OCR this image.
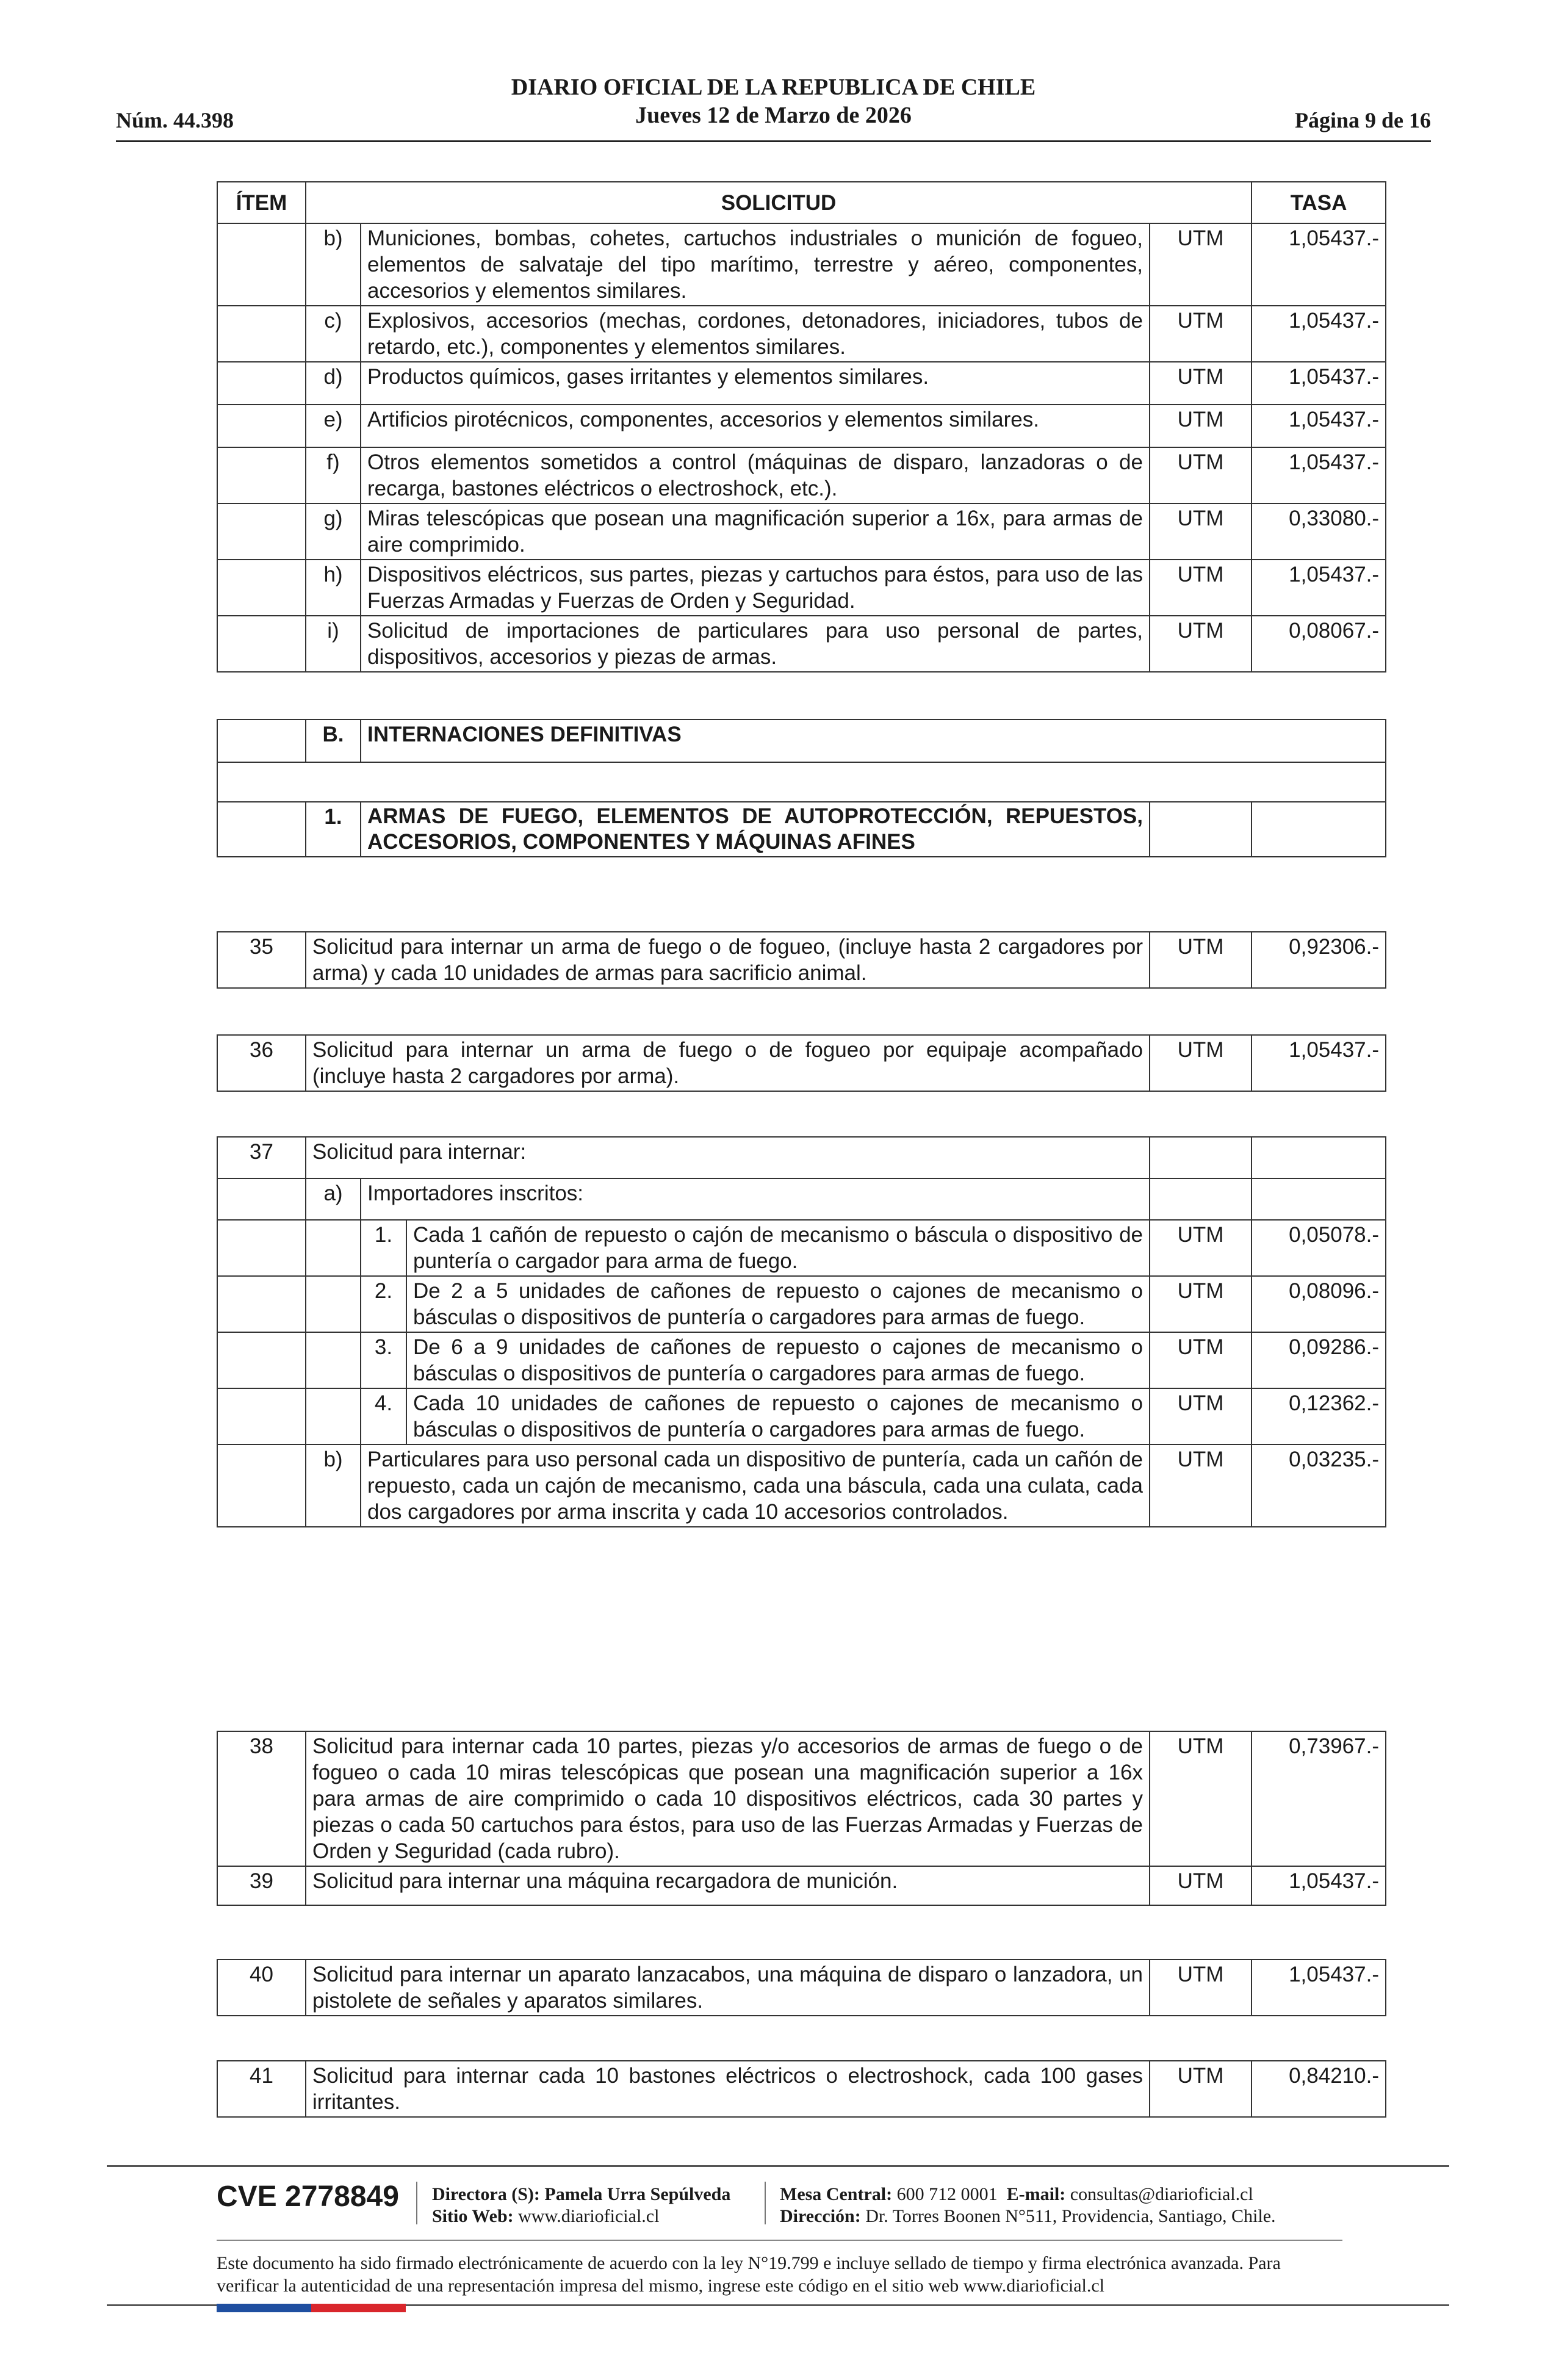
Núm. 44.398
DIARIO OFICIAL DE LA REPUBLICA DE CHILE
Jueves 12 de Marzo de 2026	Página 9 de 16
ÍTEM	SOLICITUD			TASA
	b)	Municiones, bombas, cohetes, cartuchos industriales o munición de fogueo, elementos de salvataje del tipo marítimo, terrestre y aéreo, componentes, accesorios y elementos similares.	UTM	1,05437.-
	c)	Explosivos, accesorios (mechas, cordones, detonadores, iniciadores, tubos de retardo, etc.), componentes y elementos similares.	UTM	1,05437.-
	d)	Productos químicos, gases irritantes y elementos similares.	UTM	1,05437.-
	e)	Artificios pirotécnicos, componentes, accesorios y elementos similares.	UTM	1,05437.-
	f)	Otros elementos sometidos a control (máquinas de disparo, lanzadoras o de recarga, bastones eléctricos o electroshock, etc.).	UTM	1,05437.-
	g)	Miras telescópicas que posean una magnificación superior a 16x, para armas de aire comprimido.	UTM	0,33080.-
	h)	Dispositivos eléctricos, sus partes, piezas y cartuchos para éstos, para uso de las Fuerzas Armadas y Fuerzas de Orden y Seguridad.	UTM	1,05437.-
	i)	Solicitud de importaciones de particulares para uso personal de partes, dispositivos, accesorios y piezas de armas.	UTM	0,08067.-
	B.	INTERNACIONES DEFINITIVAS

	1.	ARMAS DE FUEGO, ELEMENTOS DE AUTOPROTECCIÓN, REPUESTOS, ACCESORIOS, COMPONENTES Y MÁQUINAS AFINES		
35	Solicitud para internar un arma de fuego o de fogueo, (incluye hasta 2 cargadores por arma) y cada 10 unidades de armas para sacrificio animal.	UTM	0,92306.-
36	Solicitud para internar un arma de fuego o de fogueo por equipaje acompañado (incluye hasta 2 cargadores por arma).	UTM	1,05437.-
37	Solicitud para internar:				
	a)	Importadores inscritos:			
		1.	Cada 1 cañón de repuesto o cajón de mecanismo o báscula o dispositivo de puntería o cargador para arma de fuego.	UTM	0,05078.-
		2.	De 2 a 5 unidades de cañones de repuesto o cajones de mecanismo o básculas o dispositivos de puntería o cargadores para armas de fuego.	UTM	0,08096.-
		3.	De 6 a 9 unidades de cañones de repuesto o cajones de mecanismo o básculas o dispositivos de puntería o cargadores para armas de fuego.	UTM	0,09286.-
		4.	Cada 10 unidades de cañones de repuesto o cajones de mecanismo o básculas o dispositivos de puntería o cargadores para armas de fuego.	UTM	0,12362.-
	b)	Particulares para uso personal cada un dispositivo de puntería, cada un cañón de repuesto, cada un cajón de mecanismo, cada una báscula, cada una culata, cada dos cargadores por arma inscrita y cada 10 accesorios controlados.		UTM	0,03235.-
38	Solicitud para internar cada 10 partes, piezas y/o accesorios de armas de fuego o de fogueo o cada 10 miras telescópicas que posean una magnificación superior a 16x para armas de aire comprimido o cada 10 dispositivos eléctricos, cada 30 partes y piezas o cada 50 cartuchos para éstos, para uso de las Fuerzas Armadas y Fuerzas de Orden y Seguridad (cada rubro).	UTM	0,73967.-
39	Solicitud para internar una máquina recargadora de munición.	UTM	1,05437.-
40	Solicitud para internar un aparato lanzacabos, una máquina de disparo o lanzadora, un pistolete de señales y aparatos similares.	UTM	1,05437.-
41	Solicitud para internar cada 10 bastones eléctricos o electroshock, cada 100 gases irritantes.	UTM	0,84210.-
CVE 2778849 Directora (S): Pamela Urra Sepúlveda
Sitio Web: www.diarioficial.cl
Mesa Central: 600 712 0001 E-mail: consultas@diarioficial.cl
Dirección: Dr. Torres Boonen N°511, Providencia, Santiago, Chile.
Este documento ha sido firmado electrónicamente de acuerdo con la ley N°19.799 e incluye sellado de tiempo y firma electrónica avanzada. Para verificar la autenticidad de una representación impresa del mismo, ingrese este código en el sitio web www.diarioficial.cl
